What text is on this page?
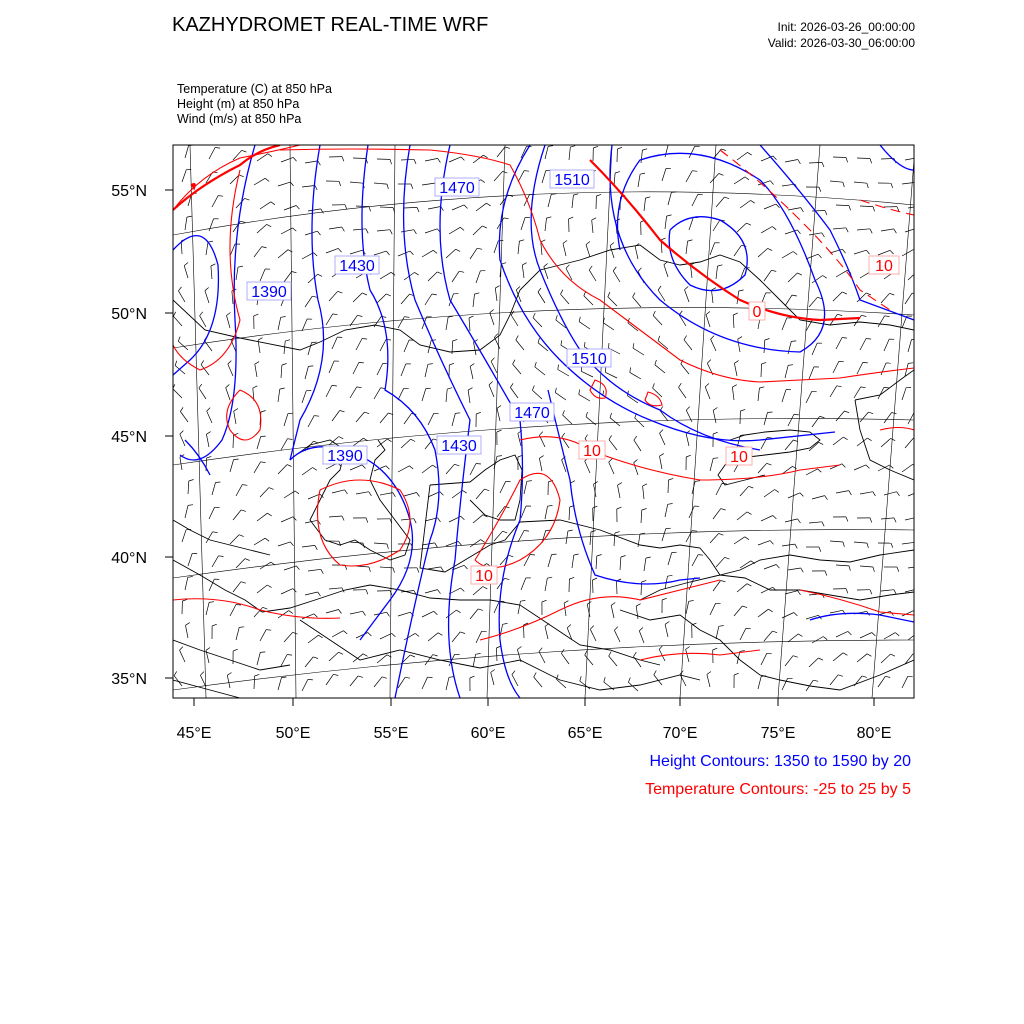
KAZHYDROMET REAL-TIME WRF	Init: 2026-03-26_00:00:00
Valid: 2026-03-30_06:00:00
Temperature (C) at 850 hPa
Height (m) at 850 hPa
Wind (m/s) at 850 hPa
55°N
50°N
45°N
40°N
35°N
45°E	50°E	55°E	60°E	65°E	70°E	75°E	80°E
1390
1390
1430
1430
1470
1470
1510
1510
10
10
10
10
0
Height Contours: 1350 to 1590 by 20
Temperature Contours: -25 to 25 by 5
